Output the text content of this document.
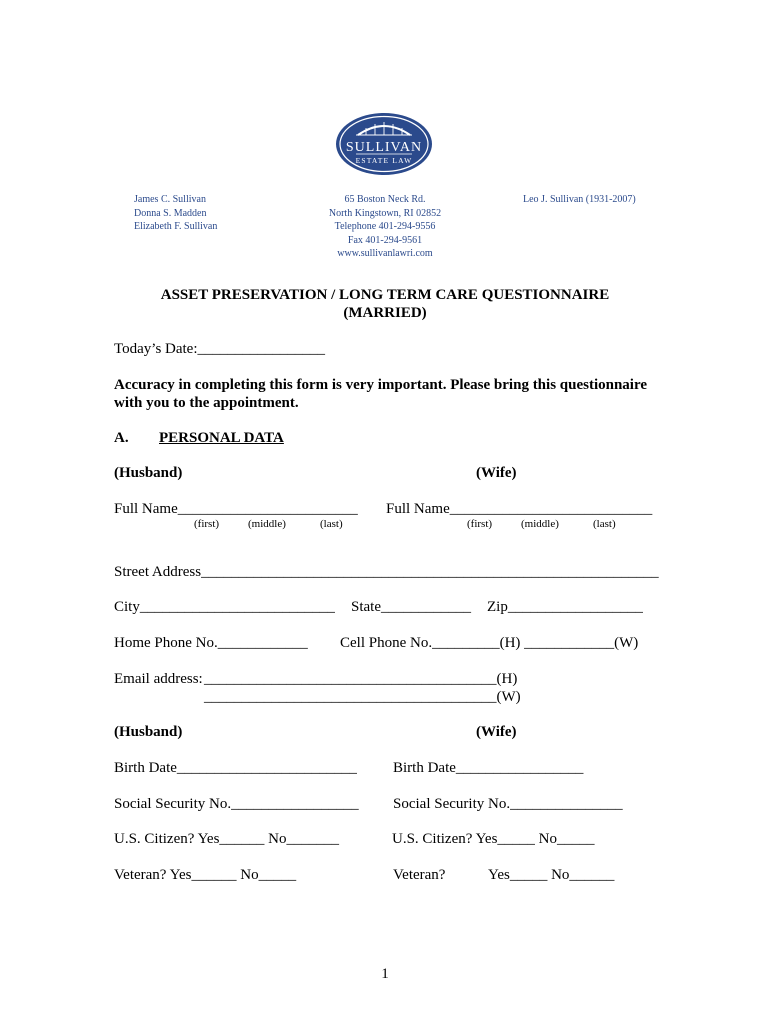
SULLIVAN
ESTATE LAW
James C. Sullivan
Donna S. Madden
Elizabeth F. Sullivan
65 Boston Neck Rd.
North Kingstown, RI 02852
Telephone 401-294-9556
Fax 401-294-9561
www.sullivanlawri.com
Leo J. Sullivan (1931-2007)
ASSET PRESERVATION / LONG TERM CARE QUESTIONNAIRE
(MARRIED)
Today’s Date:_________________
Accuracy in completing this form is very important. Please bring this questionnaire
with you to the appointment.
A. PERSONAL DATA
(Husband)	(Wife)
Full Name________________________ Full Name___________________________
(first)	(middle)	(last)	(first)	(middle)	(last)
Street Address_____________________________________________________________
City__________________________ State____________ Zip__________________
Home Phone No.____________ Cell Phone No._________(H) ____________(W)
Email address: _______________________________________(H)
_______________________________________(W)
(Husband)	(Wife)
Birth Date________________________ Birth Date_________________
Social Security No._________________ Social Security No._______________
U.S. Citizen? Yes______ No_______	U.S. Citizen? Yes_____ No_____
Veteran? Yes______ No_____	Veteran?	Yes_____ No______
1
